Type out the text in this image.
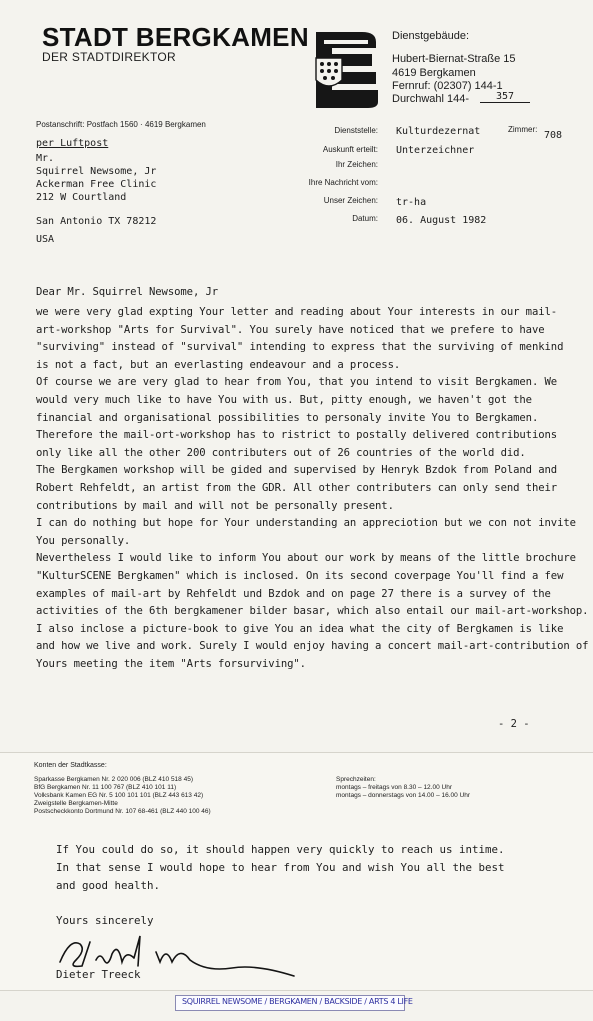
STADT BERGKAMEN
DER STADTDIREKTOR
Dienstgebäude:
Hubert-Biernat-Straße 15
4619 Bergkamen
Fernruf: (02307) 144-1
Durchwahl 144-	357
Postanschrift: Postfach 1560 · 4619 Bergkamen
per Luftpost
Dienststelle: Kulturdezernat
Auskunft erteilt: Unterzeichner
Ihr Zeichen:
Ihre Nachricht vom:
Unser Zeichen: tr-ha
Datum: 06. August 1982
Zimmer:
708
Mr.
Squirrel Newsome, Jr
Ackerman Free Clinic
212 W Courtland
San Antonio TX 78212
USA
Dear Mr. Squirrel Newsome, Jr
we were very glad expting Your letter and reading about Your interests in our mail-
art-workshop "Arts for Survival". You surely have noticed that we prefere to have
"surviving" instead of "survival" intending to express that the surviving of menkind
is not a fact, but an everlasting endeavour and a process.
Of course we are very glad to hear from You, that you intend to visit Bergkamen. We
would very much like to have You with us. But, pitty enough, we haven't got the
financial and organisational possibilities to personaly invite You to Bergkamen.
Therefore the mail-ort-workshop has to ristrict to postally delivered contributions
only like all the other 200 contributers out of 26 countries of the world did.
The Bergkamen workshop will be gided and supervised by Henryk Bzdok from Poland and
Robert Rehfeldt, an artist from the GDR. All other contributers can only send their
contributions by mail and will not be personally present.
I can do nothing but hope for Your understanding an appreciotion but we con not invite
You personally.
Nevertheless I would like to inform You about our work by means of the little brochure
"KulturSCENE Bergkamen" which is inclosed. On its second coverpage You'll find a few
examples of mail-art by Rehfeldt und Bzdok and on page 27 there is a survey of the
activities of the 6th bergkamener bilder basar, which also entail our mail-art-workshop.
I also inclose a picture-book to give You an idea what the city of Bergkamen is like
and how we live and work. Surely I would enjoy having a concert mail-art-contribution of
Yours meeting the item "Arts forsurviving".
- 2 -
Konten der Stadtkasse:
Sparkasse Bergkamen Nr. 2 020 006 (BLZ 410 518 45)
BfG Bergkamen Nr. 11 100 767 (BLZ 410 101 11)
Volksbank Kamen EG Nr. 5 100 101 101 (BLZ 443 613 42)
Zweigstelle Bergkamen-Mitte
Postscheckkonto Dortmund Nr. 107 68-461 (BLZ 440 100 46)
Sprechzeiten:
montags – freitags von 8.30 – 12.00 Uhr
montags – donnerstags von 14.00 – 16.00 Uhr
If You could do so, it should happen very quickly to reach us intime.
In that sense I would hope to hear from You and wish You all the best
and good health.
Yours sincerely
Dieter Treeck
SQUIRREL NEWSOME / BERGKAMEN / BACKSIDE / ARTS 4 LIFE
